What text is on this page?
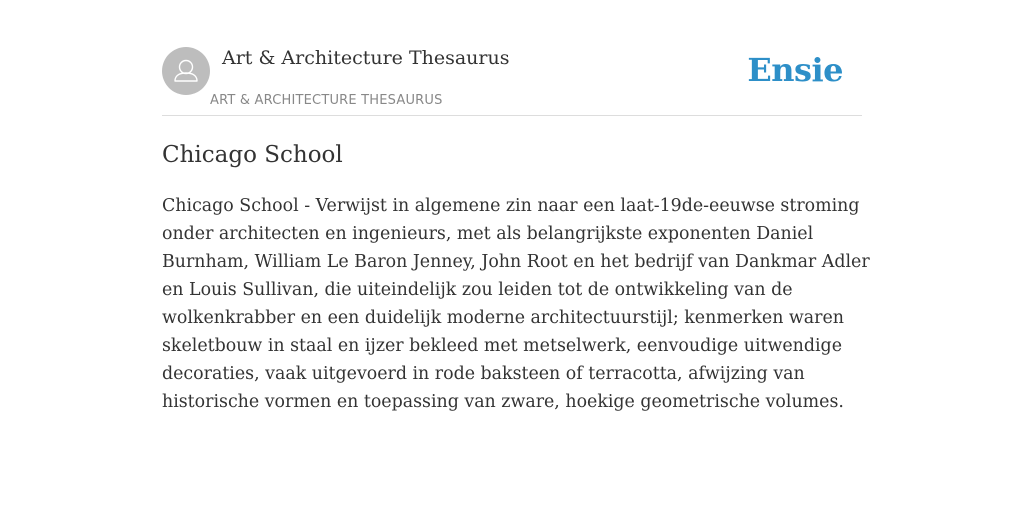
Art & Architecture Thesaurus
ART & ARCHITECTURE THESAURUS
Ensie
Chicago School

Chicago School - Verwijst in algemene zin naar een laat-19de-eeuwse stroming
onder architecten en ingenieurs, met als belangrijkste exponenten Daniel
Burnham, William Le Baron Jenney, John Root en het bedrijf van Dankmar Adler
en Louis Sullivan, die uiteindelijk zou leiden tot de ontwikkeling van de
wolkenkrabber en een duidelijk moderne architectuurstijl; kenmerken waren
skeletbouw in staal en ijzer bekleed met metselwerk, eenvoudige uitwendige
decoraties, vaak uitgevoerd in rode baksteen of terracotta, afwijzing van
historische vormen en toepassing van zware, hoekige geometrische volumes.
